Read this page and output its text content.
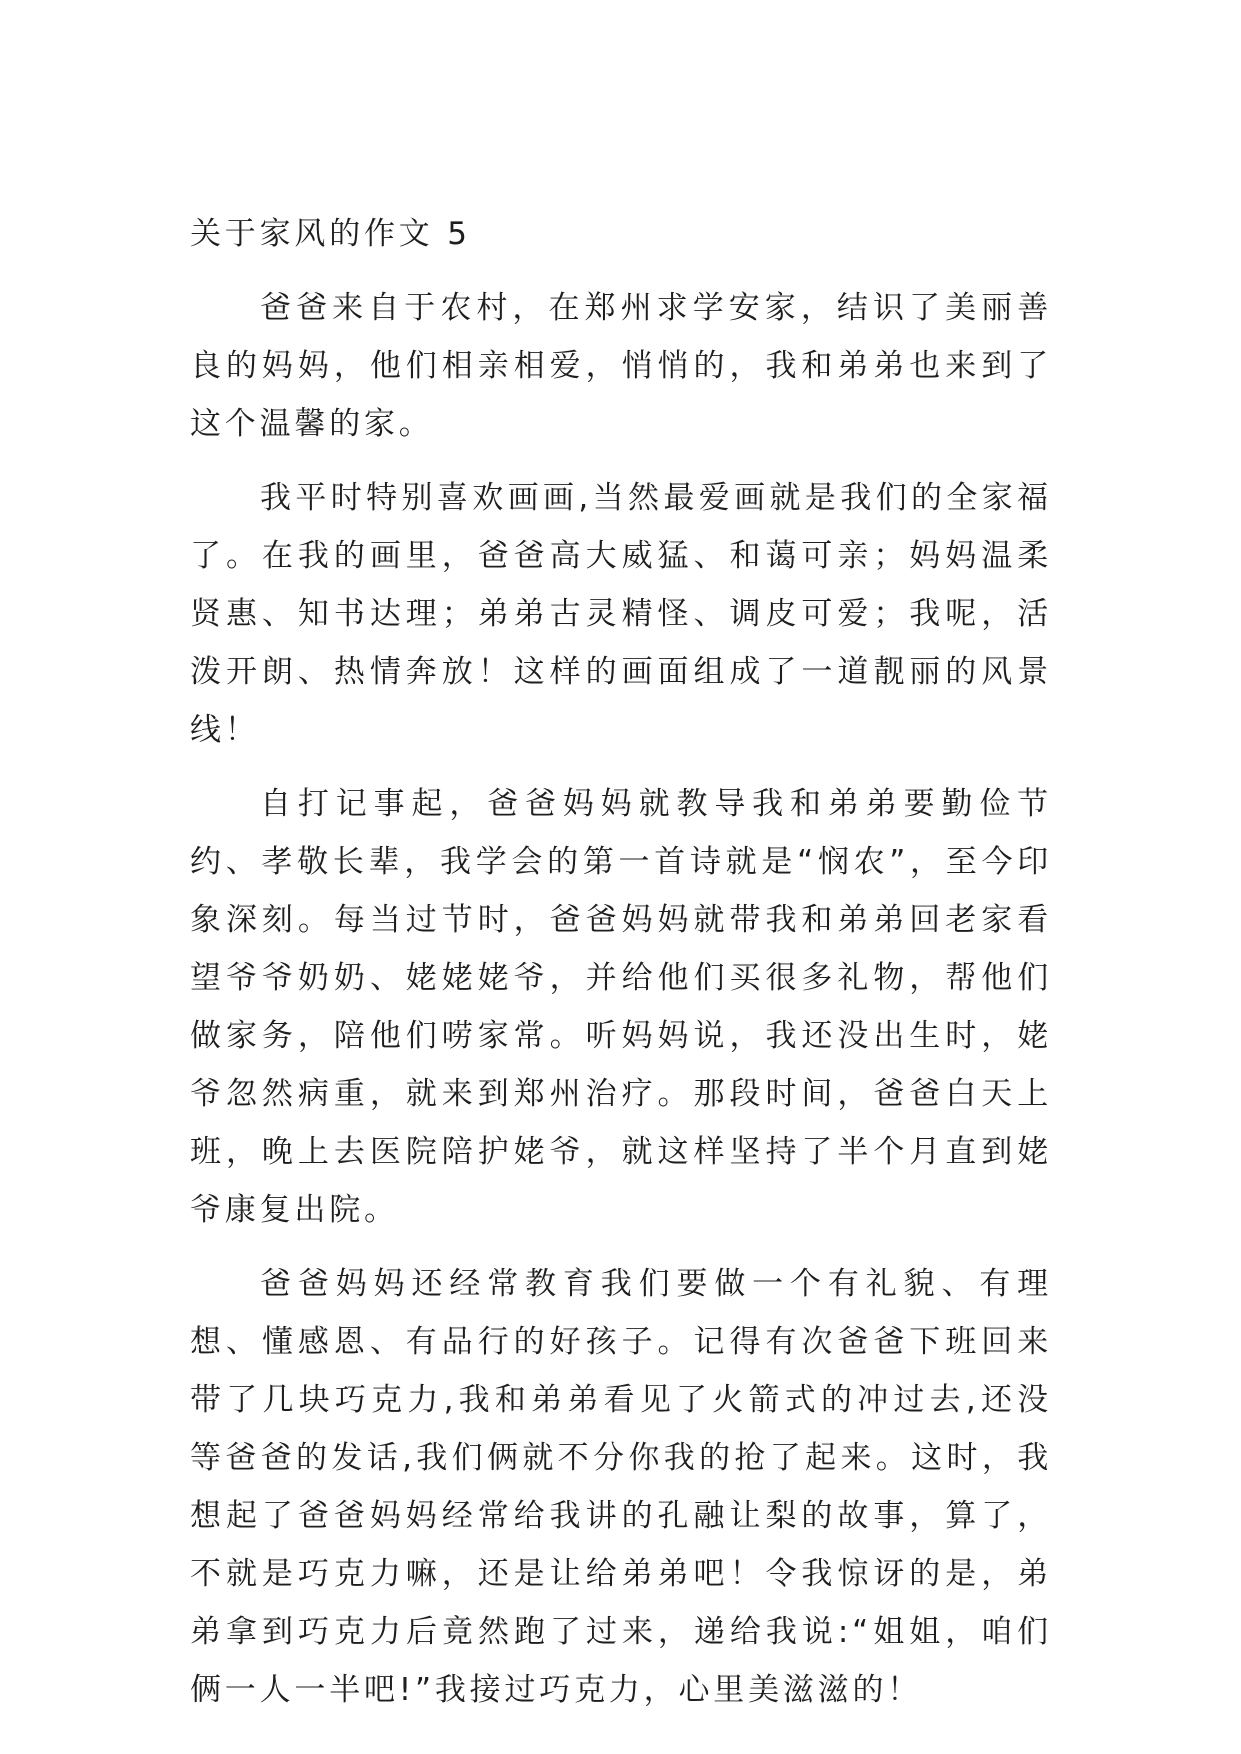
关于家风的作文 5

爸爸来自于农村，在郑州求学安家，结识了美丽善良的妈妈，他们相亲相爱，悄悄的，我和弟弟也来到了这个温馨的家。

我平时特别喜欢画画,当然最爱画就是我们的全家福了。在我的画里，爸爸高大威猛、和蔼可亲；妈妈温柔贤惠、知书达理；弟弟古灵精怪、调皮可爱；我呢，活泼开朗、热情奔放！这样的画面组成了一道靓丽的风景线！

自打记事起，爸爸妈妈就教导我和弟弟要勤俭节约、孝敬长辈，我学会的第一首诗就是“悯农”，至今印象深刻。每当过节时，爸爸妈妈就带我和弟弟回老家看望爷爷奶奶、姥姥姥爷，并给他们买很多礼物，帮他们做家务，陪他们唠家常。听妈妈说，我还没出生时，姥爷忽然病重，就来到郑州治疗。那段时间，爸爸白天上班，晚上去医院陪护姥爷，就这样坚持了半个月直到姥爷康复出院。

爸爸妈妈还经常教育我们要做一个有礼貌、有理想、懂感恩、有品行的好孩子。记得有次爸爸下班回来带了几块巧克力,我和弟弟看见了火箭式的冲过去,还没等爸爸的发话,我们俩就不分你我的抢了起来。这时，我想起了爸爸妈妈经常给我讲的孔融让梨的故事，算了，不就是巧克力嘛，还是让给弟弟吧！令我惊讶的是，弟弟拿到巧克力后竟然跑了过来，递给我说:“姐姐，咱们俩一人一半吧!”我接过巧克力，心里美滋滋的！
